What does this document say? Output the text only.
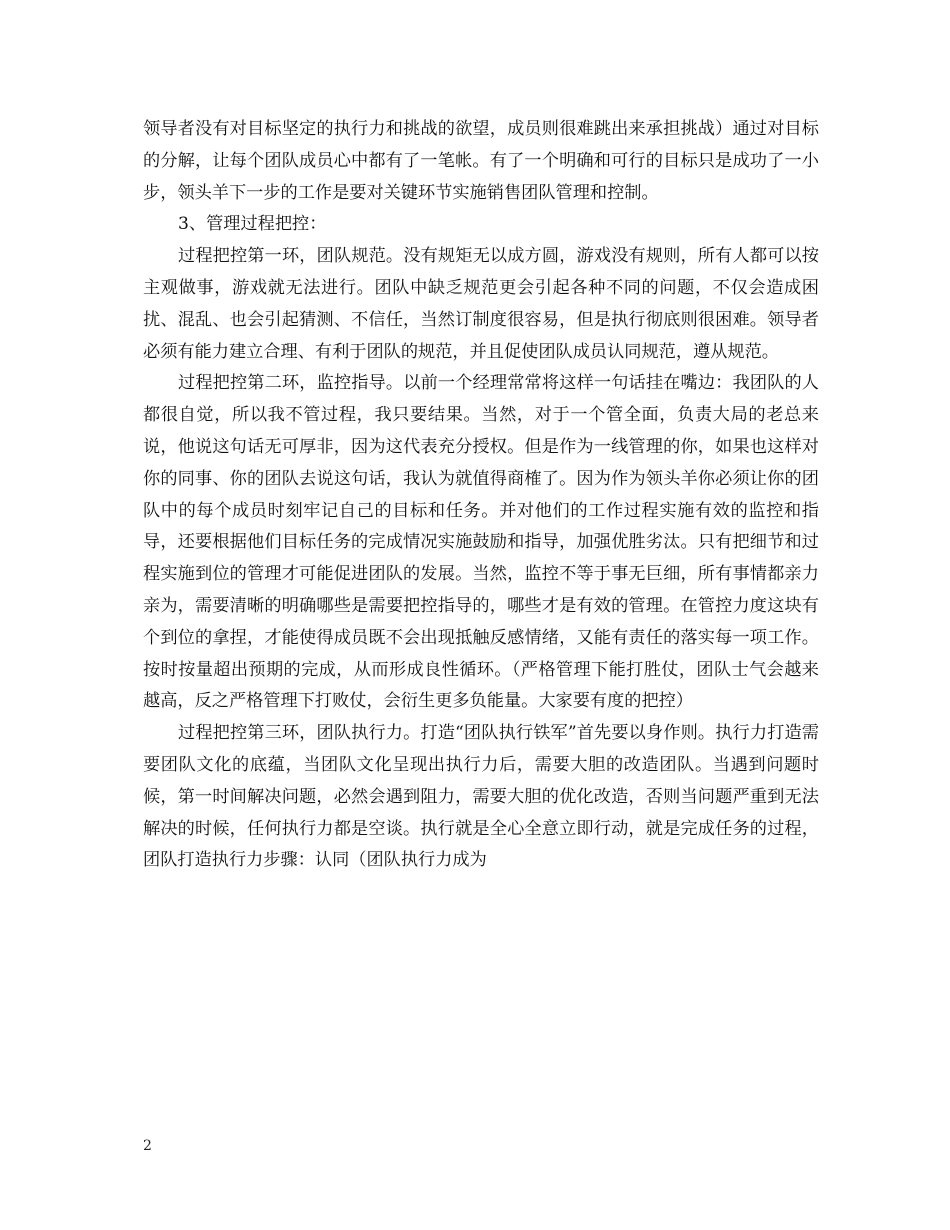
领导者没有对目标坚定的执行力和挑战的欲望，成员则很难跳出来承担挑战）通过对目标的分解，让每个团队成员心中都有了一笔帐。有了一个明确和可行的目标只是成功了一小步，领头羊下一步的工作是要对关键环节实施销售团队管理和控制。

3、管理过程把控：

过程把控第一环，团队规范。没有规矩无以成方圆，游戏没有规则，所有人都可以按主观做事，游戏就无法进行。团队中缺乏规范更会引起各种不同的问题，不仅会造成困扰、混乱、也会引起猜测、不信任，当然订制度很容易，但是执行彻底则很困难。领导者必须有能力建立合理、有利于团队的规范，并且促使团队成员认同规范，遵从规范。

过程把控第二环，监控指导。以前一个经理常常将这样一句话挂在嘴边：我团队的人都很自觉，所以我不管过程，我只要结果。当然，对于一个管全面，负责大局的老总来说，他说这句话无可厚非，因为这代表充分授权。但是作为一线管理的你，如果也这样对你的同事、你的团队去说这句话，我认为就值得商榷了。因为作为领头羊你必须让你的团队中的每个成员时刻牢记自己的目标和任务。并对他们的工作过程实施有效的监控和指导，还要根据他们目标任务的完成情况实施鼓励和指导，加强优胜劣汰。只有把细节和过程实施到位的管理才可能促进团队的发展。当然，监控不等于事无巨细，所有事情都亲力亲为，需要清晰的明确哪些是需要把控指导的，哪些才是有效的管理。在管控力度这块有个到位的拿捏，才能使得成员既不会出现抵触反感情绪，又能有责任的落实每一项工作。按时按量超出预期的完成，从而形成良性循环。（严格管理下能打胜仗，团队士气会越来越高，反之严格管理下打败仗，会衍生更多负能量。大家要有度的把控）

过程把控第三环，团队执行力。打造“团队执行铁军”首先要以身作则。执行力打造需要团队文化的底蕴，当团队文化呈现出执行力后，需要大胆的改造团队。当遇到问题时候，第一时间解决问题，必然会遇到阻力，需要大胆的优化改造，否则当问题严重到无法解决的时候，任何执行力都是空谈。执行就是全心全意立即行动，就是完成任务的过程，团队打造执行力步骤：认同（团队执行力成为

2
